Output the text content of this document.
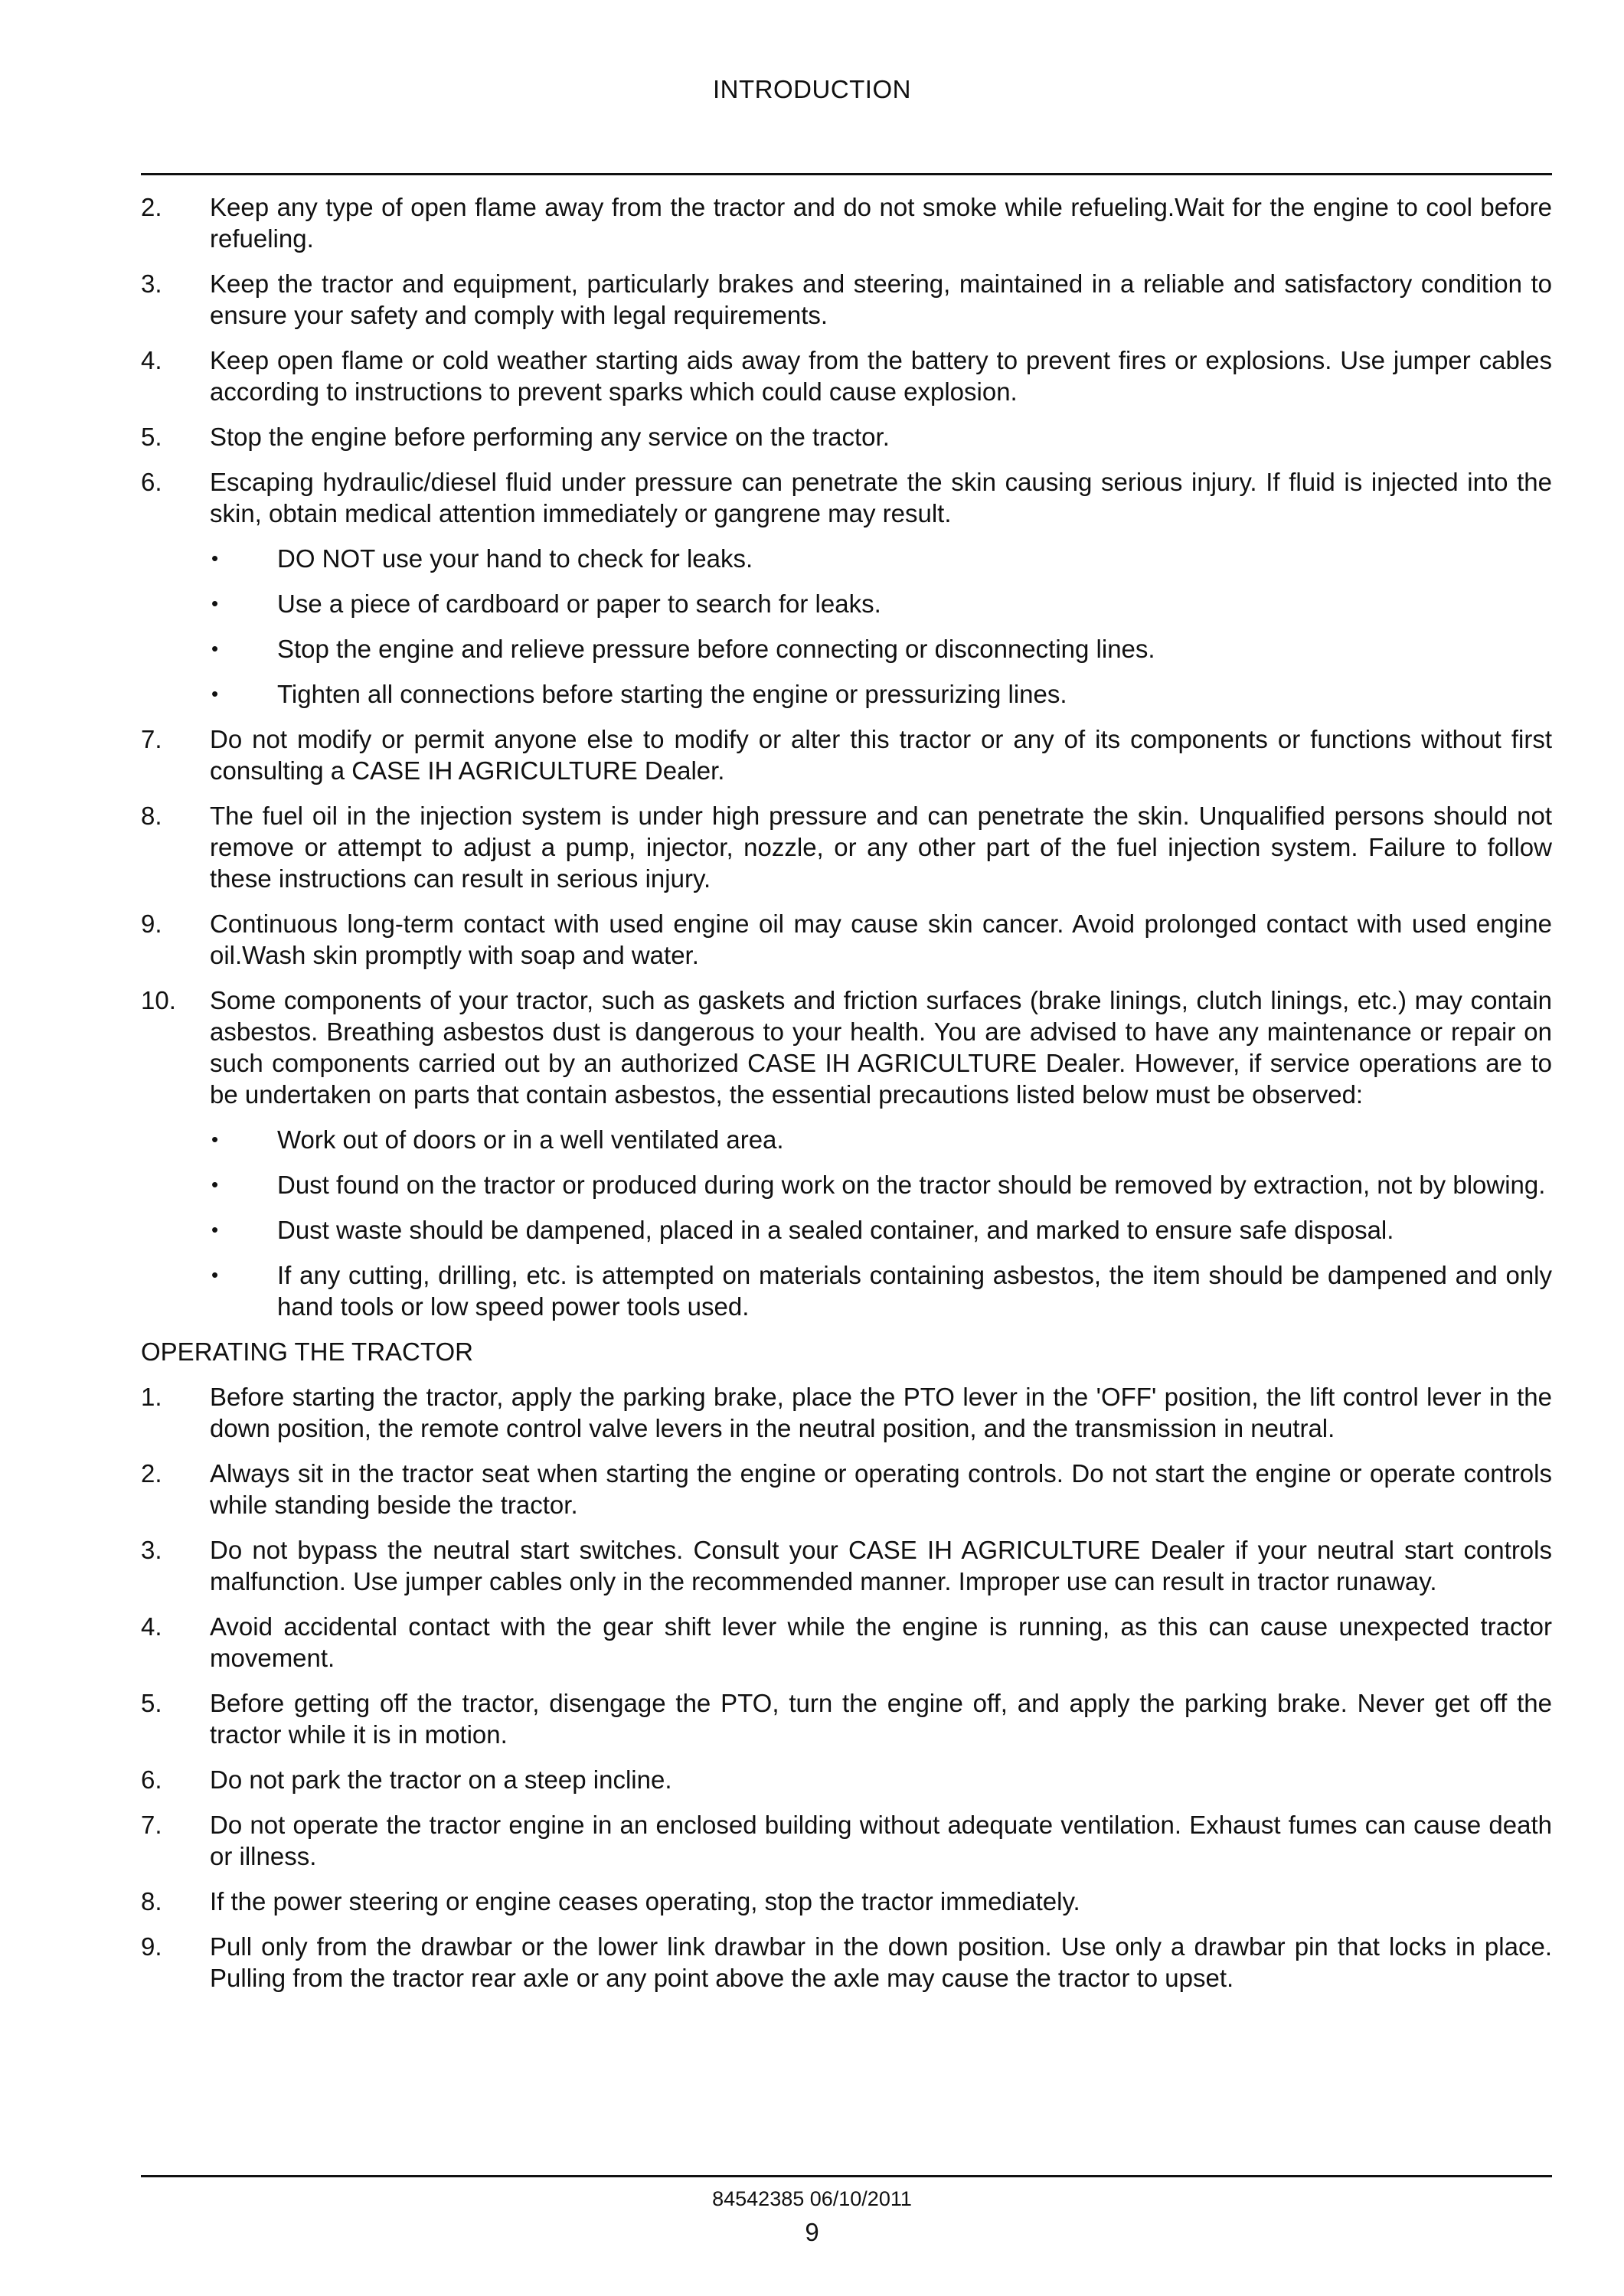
INTRODUCTION
2.	Keep any type of open flame away from the tractor and do not smoke while refueling.Wait for the engine to cool before refueling.
3.	Keep the tractor and equipment, particularly brakes and steering, maintained in a reliable and satisfactory condition to ensure your safety and comply with legal requirements.
4.	Keep open flame or cold weather starting aids away from the battery to prevent fires or explosions. Use jumper cables according to instructions to prevent sparks which could cause explosion.
5.	Stop the engine before performing any service on the tractor.
6.	Escaping hydraulic/diesel fluid under pressure can penetrate the skin causing serious injury. If fluid is injected into the skin, obtain medical attention immediately or gangrene may result.
•	DO NOT use your hand to check for leaks.
•	Use a piece of cardboard or paper to search for leaks.
•	Stop the engine and relieve pressure before connecting or disconnecting lines.
•	Tighten all connections before starting the engine or pressurizing lines.
7.	Do not modify or permit anyone else to modify or alter this tractor or any of its components or functions without first consulting a CASE IH AGRICULTURE Dealer.
8.	The fuel oil in the injection system is under high pressure and can penetrate the skin. Unqualified persons should not remove or attempt to adjust a pump, injector, nozzle, or any other part of the fuel injection system. Failure to follow these instructions can result in serious injury.
9.	Continuous long-term contact with used engine oil may cause skin cancer. Avoid prolonged contact with used engine oil.Wash skin promptly with soap and water.
10.	Some components of your tractor, such as gaskets and friction surfaces (brake linings, clutch linings, etc.) may contain asbestos. Breathing asbestos dust is dangerous to your health. You are advised to have any maintenance or repair on such components carried out by an authorized CASE IH AGRICULTURE Dealer. However, if service operations are to be undertaken on parts that contain asbestos, the essential precautions listed below must be observed:
•	Work out of doors or in a well ventilated area.
•	Dust found on the tractor or produced during work on the tractor should be removed by extraction, not by blowing.
•	Dust waste should be dampened, placed in a sealed container, and marked to ensure safe disposal.
•	If any cutting, drilling, etc. is attempted on materials containing asbestos, the item should be dampened and only hand tools or low speed power tools used.
OPERATING THE TRACTOR
1.	Before starting the tractor, apply the parking brake, place the PTO lever in the 'OFF' position, the lift control lever in the down position, the remote control valve levers in the neutral position, and the transmission in neutral.
2.	Always sit in the tractor seat when starting the engine or operating controls. Do not start the engine or operate controls while standing beside the tractor.
3.	Do not bypass the neutral start switches. Consult your CASE IH AGRICULTURE Dealer if your neutral start controls malfunction. Use jumper cables only in the recommended manner. Improper use can result in tractor runaway.
4.	Avoid accidental contact with the gear shift lever while the engine is running, as this can cause unexpected tractor movement.
5.	Before getting off the tractor, disengage the PTO, turn the engine off, and apply the parking brake. Never get off the tractor while it is in motion.
6.	Do not park the tractor on a steep incline.
7.	Do not operate the tractor engine in an enclosed building without adequate ventilation. Exhaust fumes can cause death or illness.
8.	If the power steering or engine ceases operating, stop the tractor immediately.
9.	Pull only from the drawbar or the lower link drawbar in the down position. Use only a drawbar pin that locks in place. Pulling from the tractor rear axle or any point above the axle may cause the tractor to upset.
84542385 06/10/2011
9
